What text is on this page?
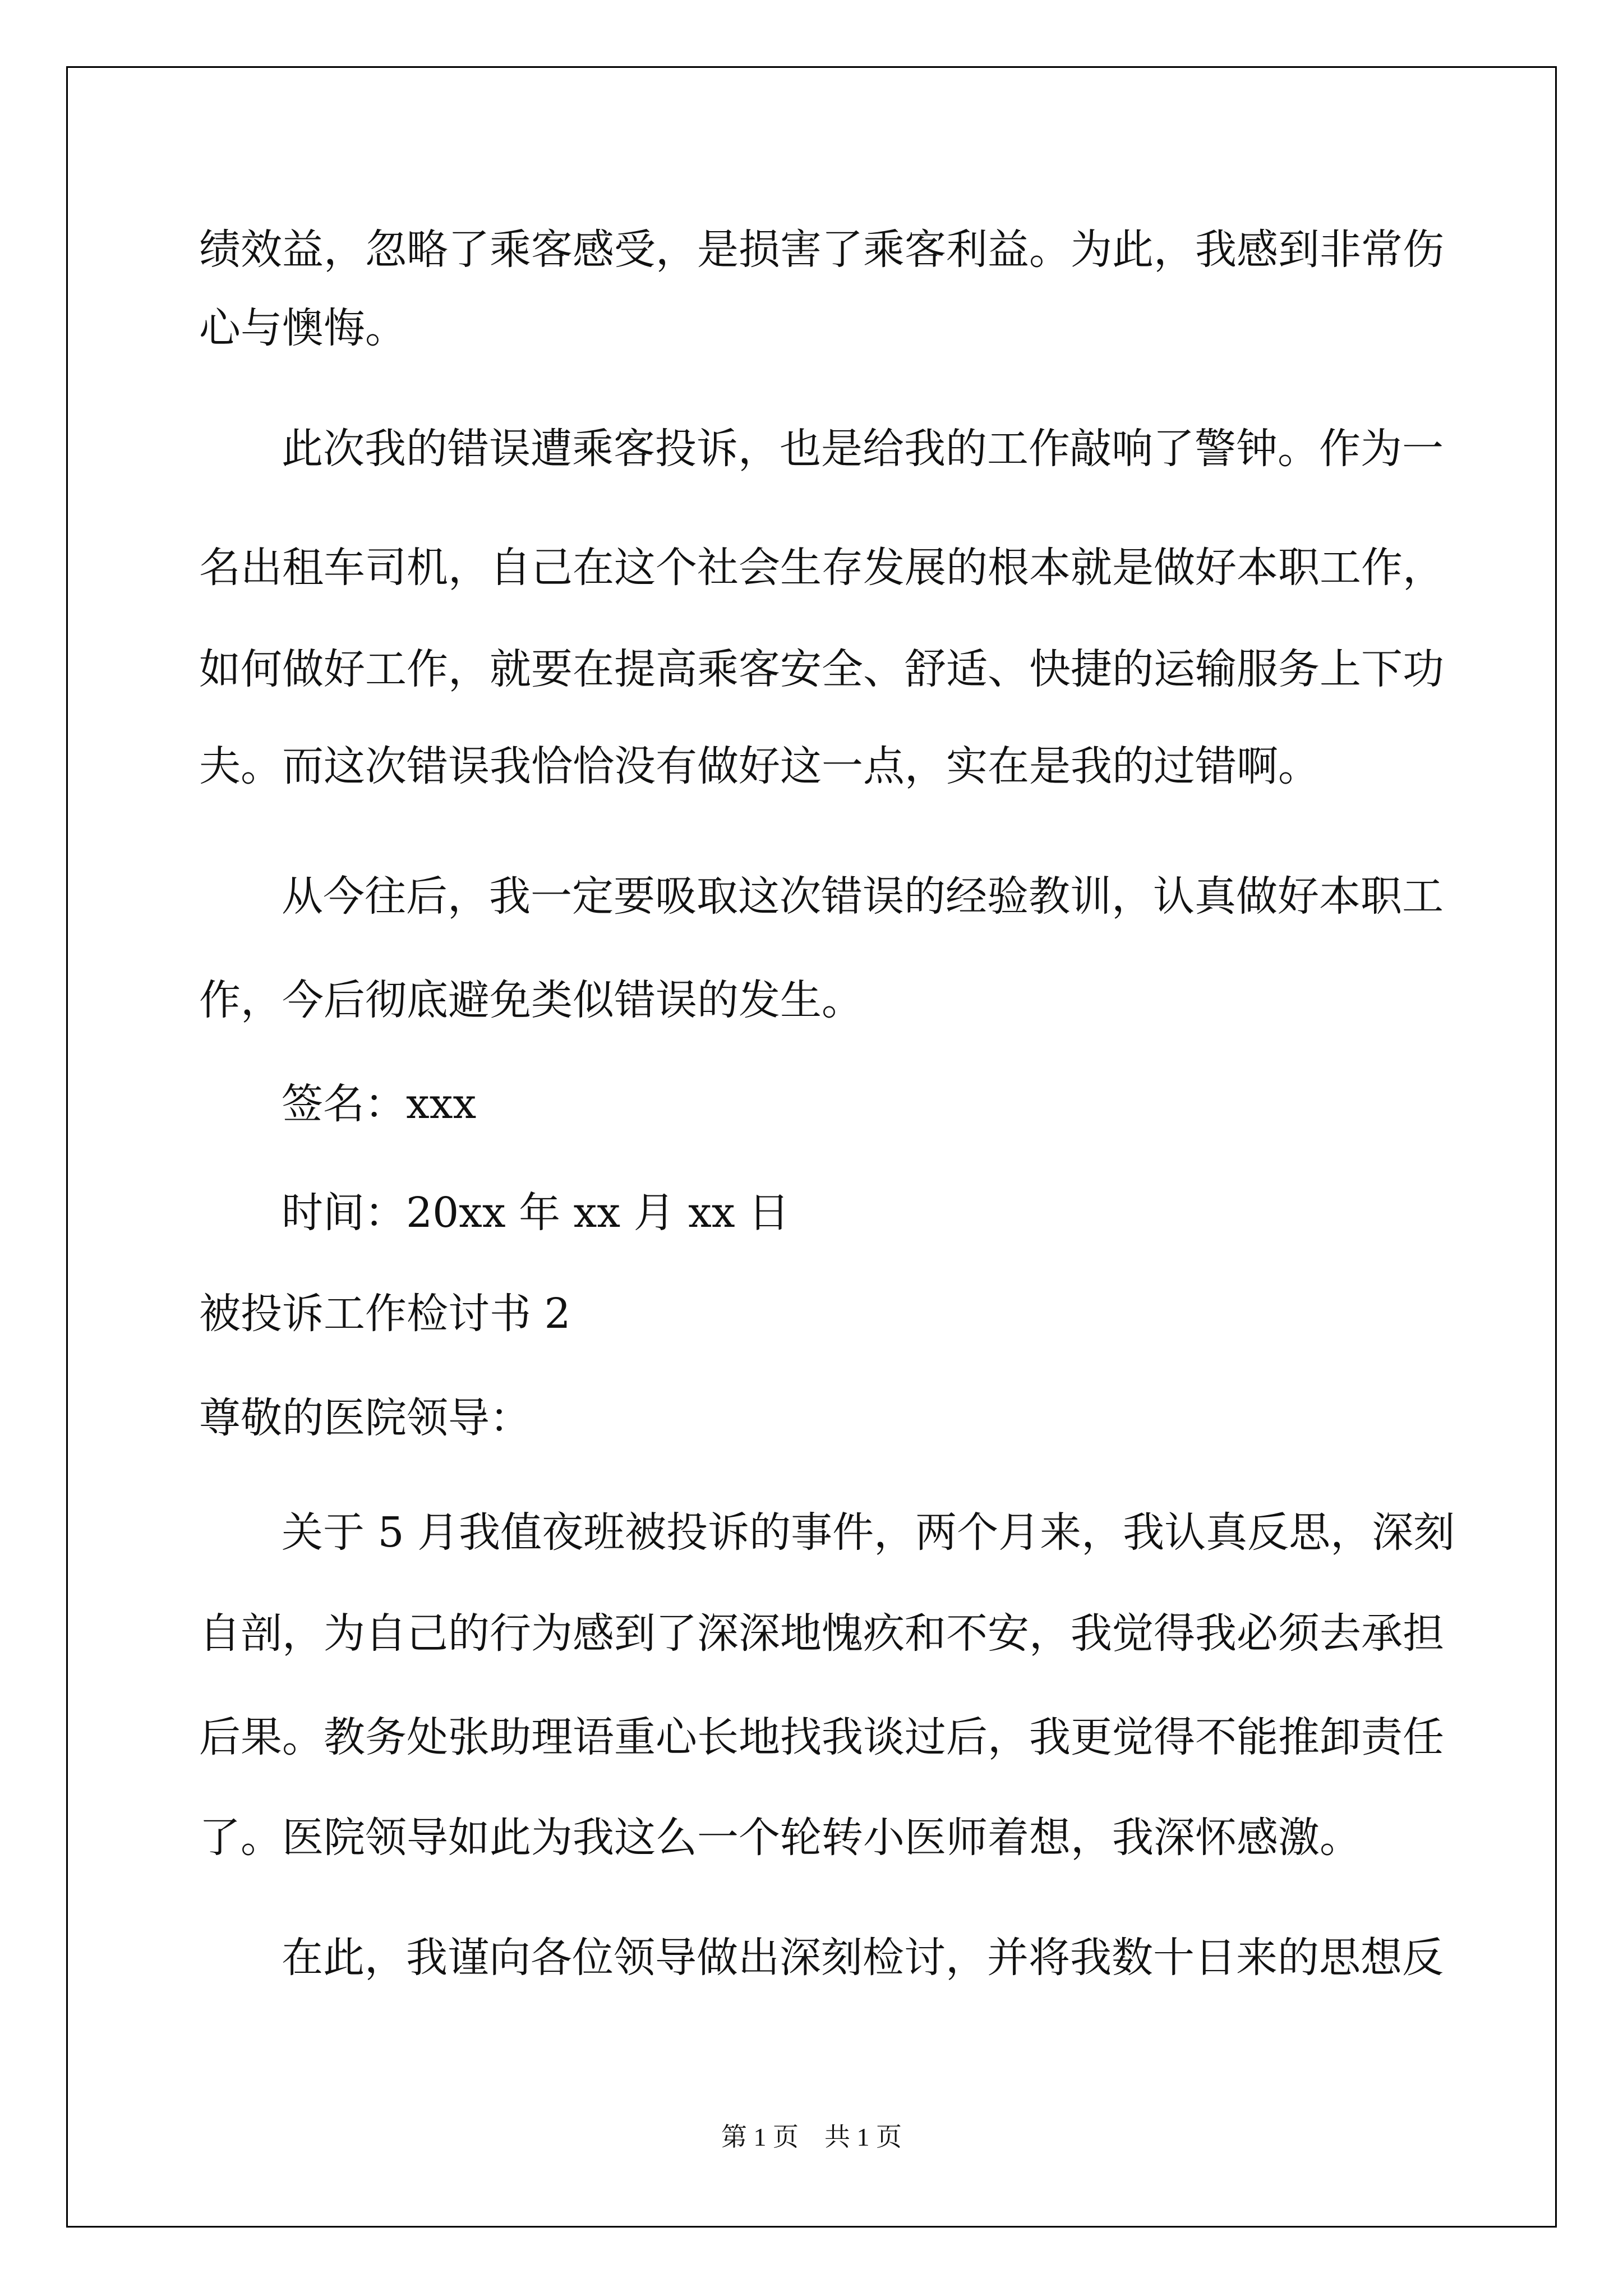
绩效益，忽略了乘客感受，是损害了乘客利益。为此，我感到非常伤
心与懊悔。
此次我的错误遭乘客投诉，也是给我的工作敲响了警钟。作为一
名出租车司机，自己在这个社会生存发展的根本就是做好本职工作，
如何做好工作，就要在提高乘客安全、舒适、快捷的运输服务上下功
夫。而这次错误我恰恰没有做好这一点，实在是我的过错啊。
从今往后，我一定要吸取这次错误的经验教训，认真做好本职工
作，今后彻底避免类似错误的发生。
签名：xxx
时间：20xx 年 xx 月 xx 日
被投诉工作检讨书 2
尊敬的医院领导：
关于 5 月我值夜班被投诉的事件，两个月来，我认真反思，深刻
自剖，为自己的行为感到了深深地愧疚和不安，我觉得我必须去承担
后果。教务处张助理语重心长地找我谈过后，我更觉得不能推卸责任
了。医院领导如此为我这么一个轮转小医师着想，我深怀感激。
在此，我谨向各位领导做出深刻检讨，并将我数十日来的思想反
第 1 页　共 1 页
